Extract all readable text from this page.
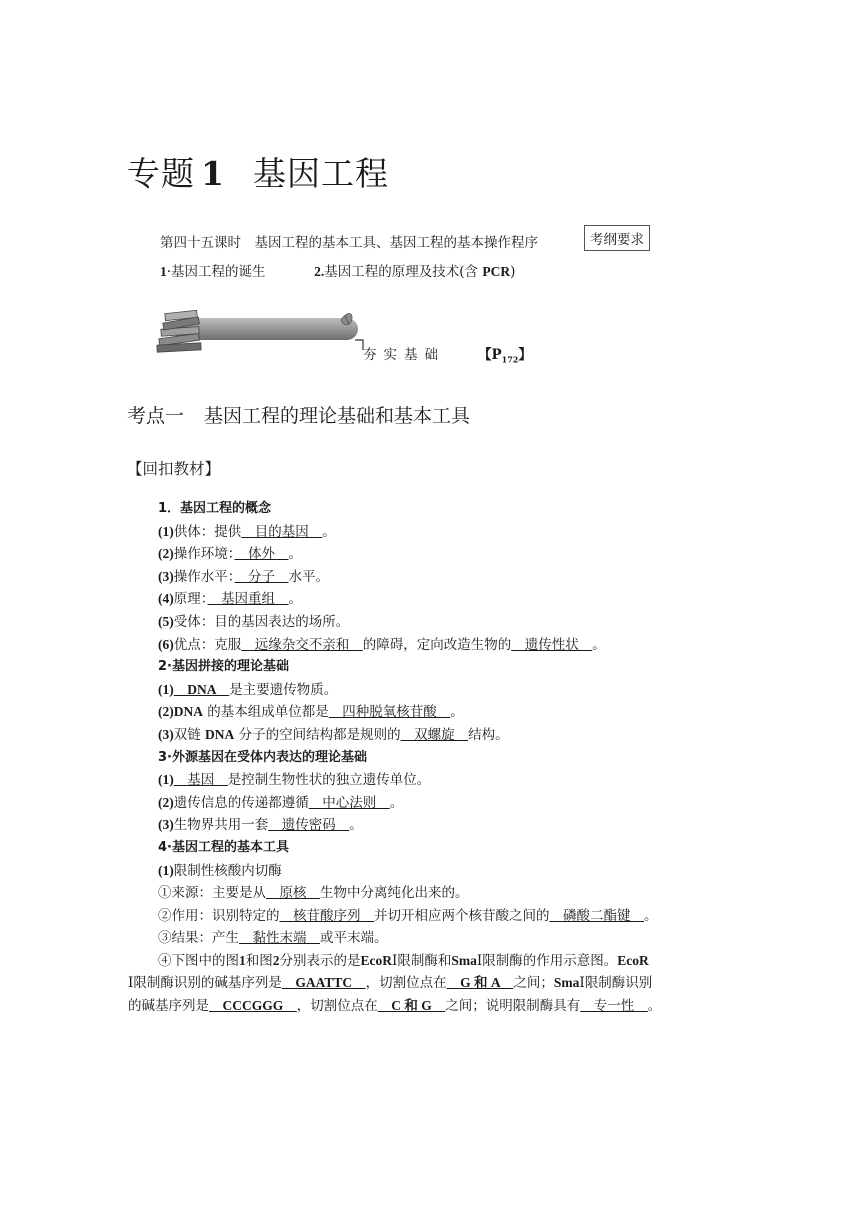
专题 1 基因工程
第四十五课时　基因工程的基本工具、基因工程的基本操作程序	考纲要求
1·基因工程的诞生	2.基因工程的原理及技术(含 PCR)
夯实基础 【$P_{172}$】
考点一 基因工程的理论基础和基本工具
【回扣教材】
1．基因工程的概念
(1)供体：提供　目的基因　。
(2)操作环境：　体外　。
(3)操作水平：　分子　水平。
(4)原理：　基因重组　。
(5)受体：目的基因表达的场所。
(6)优点：克服　远缘杂交不亲和　的障碍，定向改造生物的　遗传性状　。
2·基因拼接的理论基础
(1)　DNA　是主要遗传物质。
(2)DNA 的基本组成单位都是　四种脱氧核苷酸　。
(3)双链 DNA 分子的空间结构都是规则的　双螺旋　结构。
3·外源基因在受体内表达的理论基础
(1)　基因　是控制生物性状的独立遗传单位。
(2)遗传信息的传递都遵循　中心法则　。
(3)生物界共用一套　遗传密码　。
4·基因工程的基本工具
(1)限制性核酸内切酶
①来源：主要是从　原核　生物中分离纯化出来的。
②作用：识别特定的　核苷酸序列　并切开相应两个核苷酸之间的　磷酸二酯键　。
③结果：产生　黏性末端　或平末端。
④下图中的图1和图2分别表示的是EcoRⅠ限制酶和SmaⅠ限制酶的作用示意图。EcoR
Ⅰ限制酶识别的碱基序列是　GAATTC　，切割位点在　G 和 A　之间；SmaⅠ限制酶识别
的碱基序列是　CCCGGG　，切割位点在　C 和 G　之间；说明限制酶具有　专一性　。
